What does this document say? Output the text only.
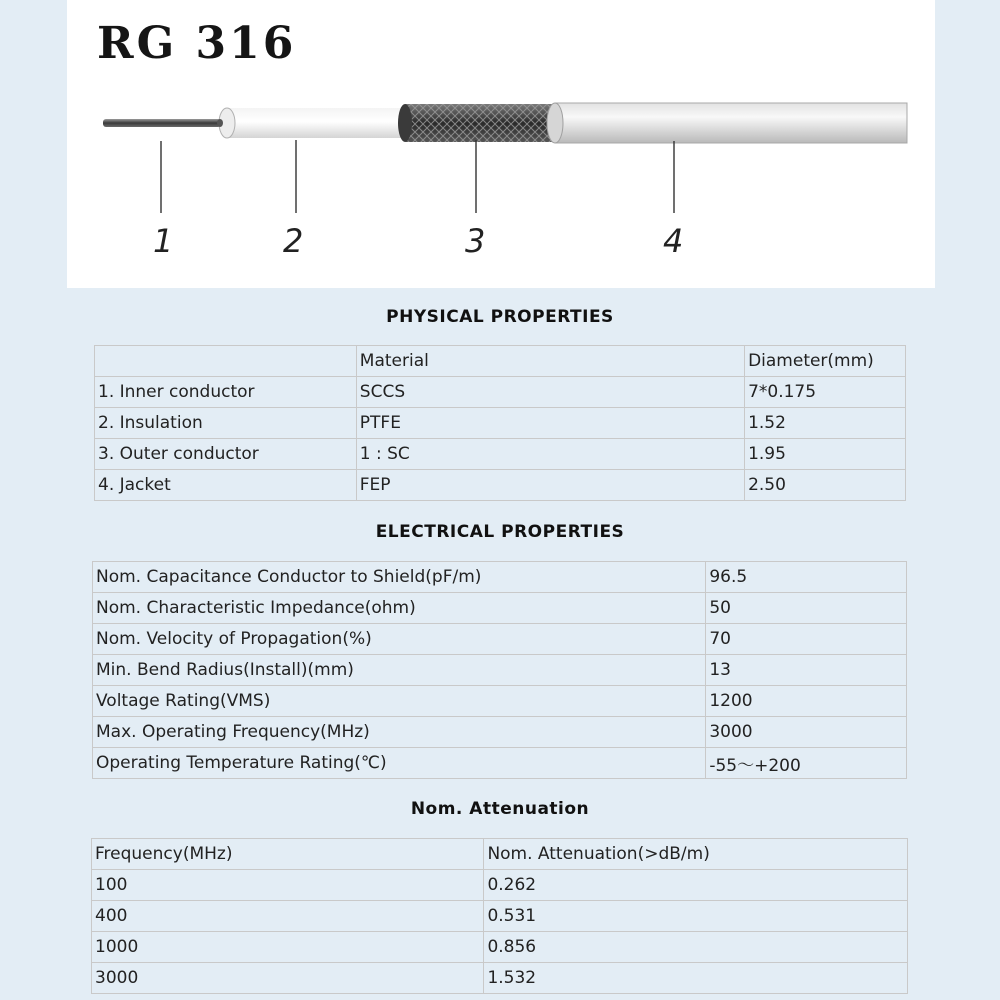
RG 316
1	2	3	4
PHYSICAL PROPERTIES
	Material	Diameter(mm)
1. Inner conductor	SCCS	7*0.175
2. Insulation	PTFE	1.52
3. Outer conductor	1 : SC	1.95
4. Jacket	FEP	2.50
ELECTRICAL PROPERTIES
Nom. Capacitance Conductor to Shield(pF/m)	96.5
Nom. Characteristic Impedance(ohm)	50
Nom. Velocity of Propagation(%)	70
Min. Bend Radius(Install)(mm)	13
Voltage Rating(VMS)	1200
Max. Operating Frequency(MHz)	3000
Operating Temperature Rating(℃)	-55～+200
Nom. Attenuation
Frequency(MHz)	Nom. Attenuation(>dB/m)
100	0.262
400	0.531
1000	0.856
3000	1.532
